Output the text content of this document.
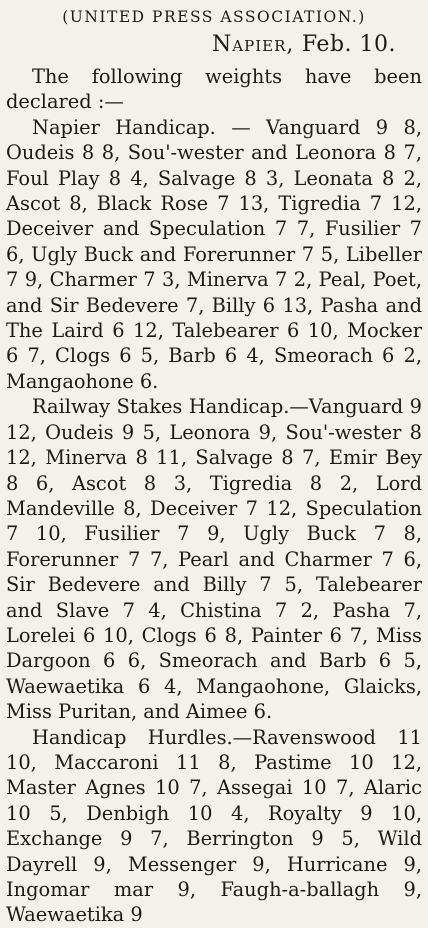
(UNITED PRESS ASSOCIATION.)
Napier, Feb. 10.

The following weights have been declared :—

Napier Handicap. — Vanguard 9 8, Oudeis 8 8, Sou'-wester and Leonora 8 7, Foul Play 8 4, Salvage 8 3, Leonata 8 2, Ascot 8, Black Rose 7 13, Tigredia 7 12, Deceiver and Speculation 7 7, Fusilier 7 6, Ugly Buck and Forerunner 7 5, Libeller 7 9, Charmer 7 3, Minerva 7 2, Peal, Poet, and Sir Bedevere 7, Billy 6 13, Pasha and The Laird 6 12, Talebearer 6 10, Mocker 6 7, Clogs 6 5, Barb 6 4, Smeorach 6 2, Mangaohone 6.

Railway Stakes Handicap.—Vanguard 9 12, Oudeis 9 5, Leonora 9, Sou'-wester 8 12, Minerva 8 11, Salvage 8 7, Emir Bey 8 6, Ascot 8 3, Tigredia 8 2, Lord Mandeville 8, Deceiver 7 12, Speculation 7 10, Fusilier 7 9, Ugly Buck 7 8, Forerunner 7 7, Pearl and Charmer 7 6, Sir Bedevere and Billy 7 5, Talebearer and Slave 7 4, Chistina 7 2, Pasha 7, Lorelei 6 10, Clogs 6 8, Painter 6 7, Miss Dargoon 6 6, Smeorach and Barb 6 5, Waewaetika 6 4, Mangaohone, Glaicks, Miss Puritan, and Aimee 6.

Handicap Hurdles.—Ravenswood 11 10, Maccaroni 11 8, Pastime 10 12, Master Agnes 10 7, Assegai 10 7, Alaric 10 5, Denbigh 10 4, Royalty 9 10, Exchange 9 7, Berrington 9 5, Wild Dayrell 9, Messenger 9, Hurricane 9, Ingomar mar 9, Faugh-a-ballagh 9, Waewaetika 9
